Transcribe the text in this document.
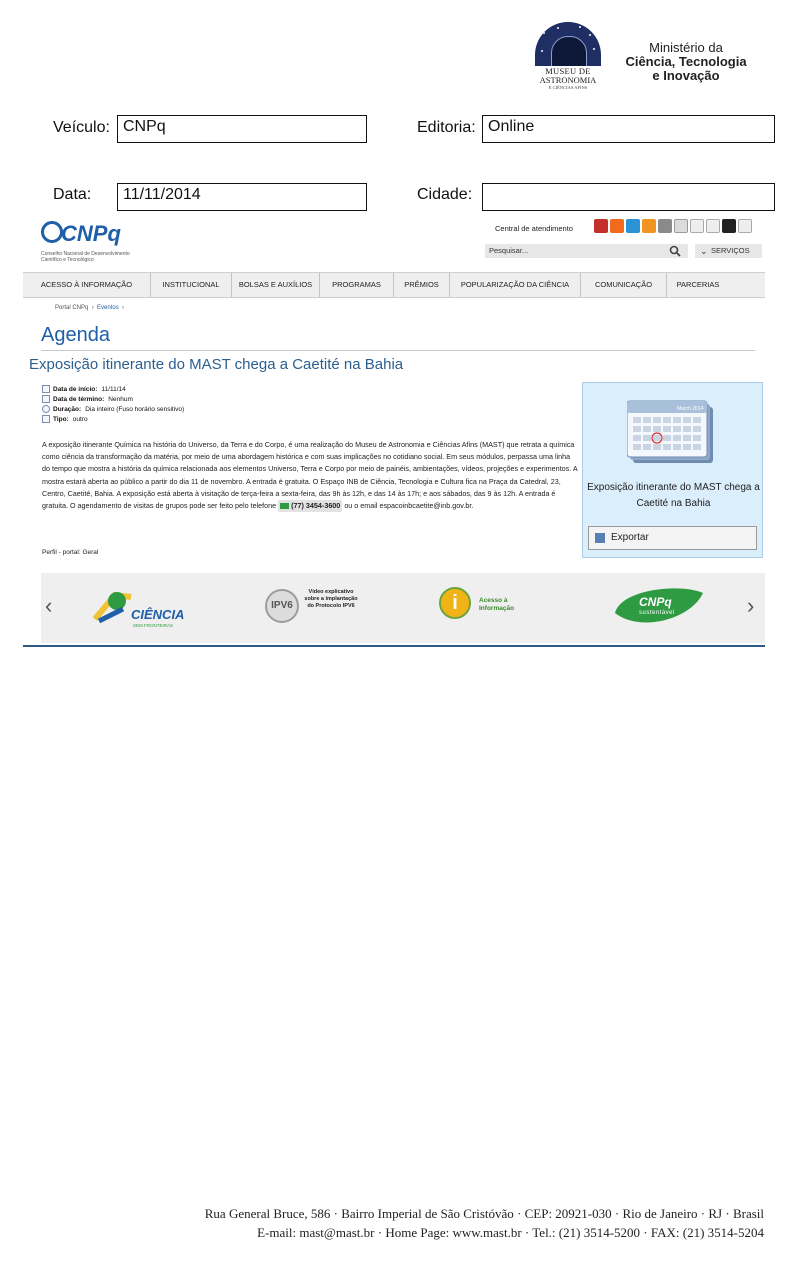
MUSEU DE
ASTRONOMIA
E CIÊNCIAS AFINS
Ministério da
Ciência, Tecnologia
e Inovação
Veículo: CNPq	Editoria: Online
Data:	11/11/2014	Cidade:
CNPq
Conselho Nacional de Desenvolvimento Científico e Tecnológico
Central de atendimento
Pesquisar...	⌄ SERVIÇOS
ACESSO À INFORMAÇÃO	INSTITUCIONAL	BOLSAS E AUXÍLIOS	PROGRAMAS	PRÊMIOS	POPULARIZAÇÃO DA CIÊNCIA	COMUNICAÇÃO	PARCERIAS
Portal CNPq  ›  Eventos  ›
Agenda
Exposição itinerante do MAST chega a Caetité na Bahia
Data de início: 11/11/14
Data de término: Nenhum
Duração: Dia inteiro (Fuso horário sensitivo)
Tipo: outro
A exposição itinerante Química na história do Universo, da Terra e do Corpo, é uma realização do Museu de Astronomia e Ciências Afins (MAST) que retrata a química como ciência da transformação da matéria, por meio de uma abordagem histórica e com suas implicações no cotidiano social. Em seus módulos, perpassa uma linha do tempo que mostra a história da química relacionada aos elementos Universo, Terra e Corpo por meio de painéis, ambientações, vídeos, projeções e experimentos. A mostra estará aberta ao público a partir do dia 11 de novembro. A entrada é gratuita. O Espaço INB de Ciência, Tecnologia e Cultura fica na Praça da Catedral, 23, Centro, Caetité, Bahia. A exposição está aberta à visitação de terça-feira a sexta-feira, das 9h às 12h, e das 14 às 17h; e aos sábados, das 9 às 12h. A entrada é gratuita. O agendamento de visitas de grupos pode ser feito pelo telefone (77) 3454-3600 ou o email espacoinbcaetite@inb.gov.br.
Perfil - portal: Geral
March 2014
Exposição itinerante do MAST chega a Caetité na Bahia
Exportar
‹	›
CIÊNCIA
SEM FRONTEIRAS
IPV6
Vídeo explicativo sobre a implantação do Protocolo IPV6	i	Acesso à Informação	CNPq
sustentável
Rua General Bruce, 586 · Bairro Imperial de São Cristóvão · CEP: 20921-030 · Rio de Janeiro · RJ · Brasil
E-mail: mast@mast.br · Home Page: www.mast.br · Tel.: (21) 3514-5200 · FAX: (21) 3514-5204
